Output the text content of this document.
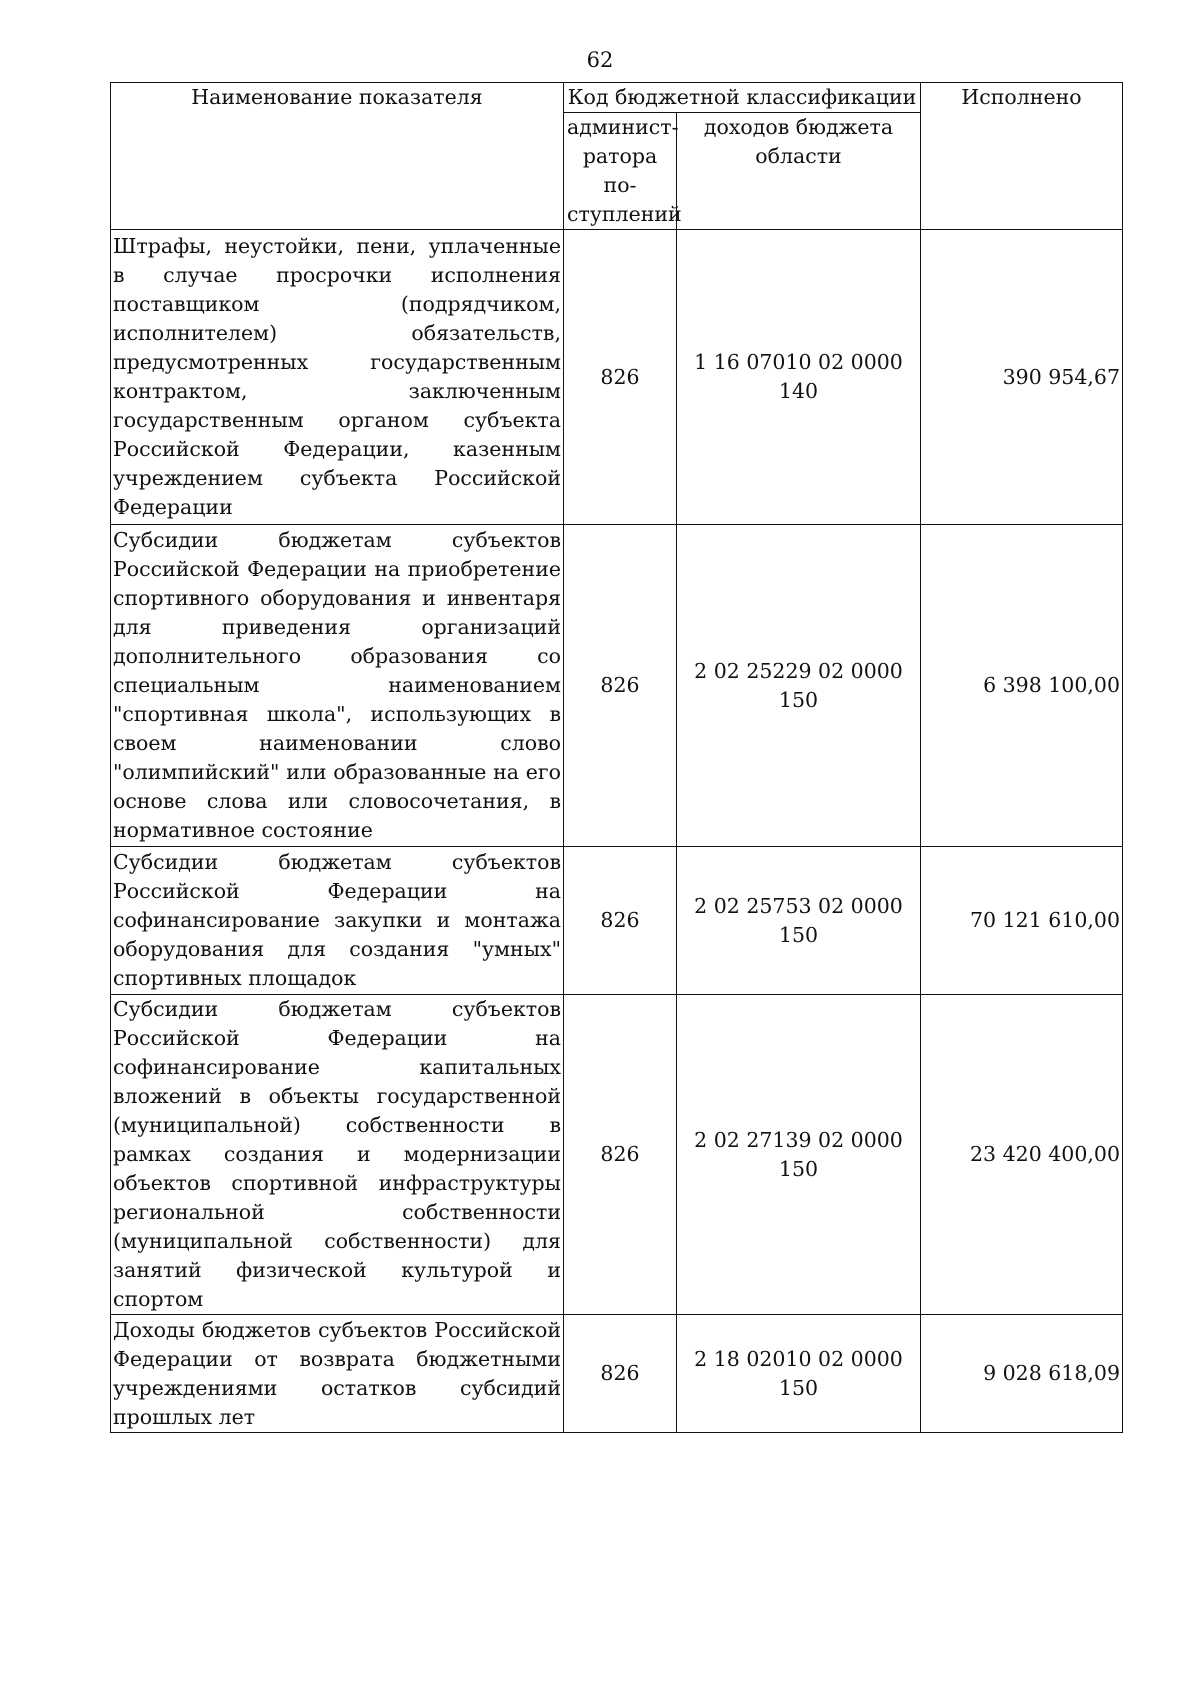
62
Наименование показателя	Код бюджетной классификации		Исполнено
	админист-ратора по-ступлений	доходов бюджета области	
Штрафы, неустойки, пени, уплаченные в случае просрочки исполнения поставщиком (подрядчиком, исполнителем) обязательств, предусмотренных государственным контрактом, заключенным государственным органом субъекта Российской Федерации, казенным учреждением субъекта Российской Федерации	826	1 16 07010 02 0000 140	390 954,67
Субсидии бюджетам субъектов Российской Федерации на приобретение спортивного оборудования и инвентаря для приведения организаций дополнительного образования со специальным наименованием "спортивная школа", использующих в своем наименовании слово "олимпийский" или образованные на его основе слова или словосочетания, в нормативное состояние	826	2 02 25229 02 0000 150	6 398 100,00
Субсидии бюджетам субъектов Российской Федерации на софинансирование закупки и монтажа оборудования для создания "умных" спортивных площадок	826	2 02 25753 02 0000 150	70 121 610,00
Субсидии бюджетам субъектов Российской Федерации на софинансирование капитальных вложений в объекты государственной (муниципальной) собственности в рамках создания и модернизации объектов спортивной инфраструктуры региональной собственности (муниципальной собственности) для занятий физической культурой и спортом	826	2 02 27139 02 0000 150	23 420 400,00
Доходы бюджетов субъектов Российской Федерации от возврата бюджетными учреждениями остатков субсидий прошлых лет	826	2 18 02010 02 0000 150	9 028 618,09
